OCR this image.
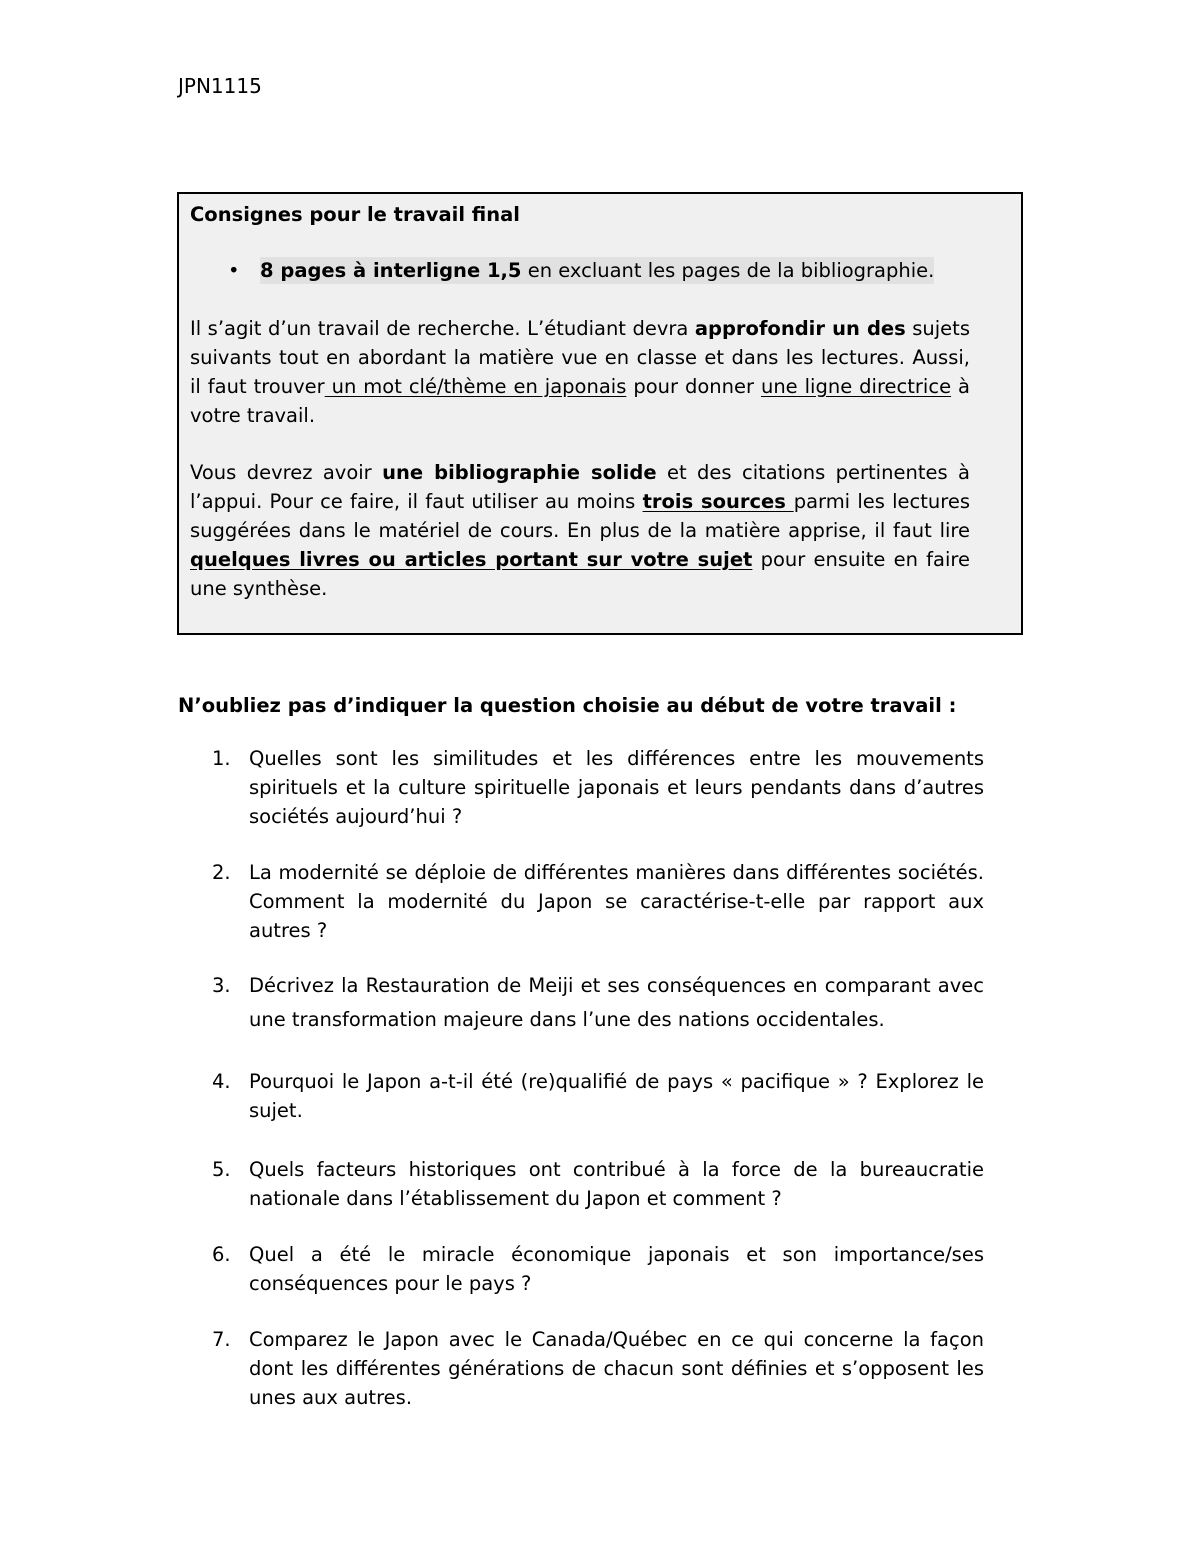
JPN1115

Consignes pour le travail final

• 8 pages à interligne 1,5 en excluant les pages de la bibliographie.

Il s’agit d’un travail de recherche. L’étudiant devra approfondir un des sujets suivants tout en abordant la matière vue en classe et dans les lectures. Aussi, il faut trouver un mot clé/thème en japonais pour donner une ligne directrice à votre travail.

Vous devrez avoir une bibliographie solide et des citations pertinentes à l’appui. Pour ce faire, il faut utiliser au moins trois sources parmi les lectures suggérées dans le matériel de cours. En plus de la matière apprise, il faut lire quelques livres ou articles portant sur votre sujet pour ensuite en faire une synthèse.

N’oubliez pas d’indiquer la question choisie au début de votre travail :

1. Quelles sont les similitudes et les différences entre les mouvements spirituels et la culture spirituelle japonais et leurs pendants dans d’autres sociétés aujourd’hui ?
2. La modernité se déploie de différentes manières dans différentes sociétés. Comment la modernité du Japon se caractérise-t-elle par rapport aux autres ?
3. Décrivez la Restauration de Meiji et ses conséquences en comparant avec une transformation majeure dans l’une des nations occidentales.
4. Pourquoi le Japon a-t-il été (re)qualifié de pays « pacifique » ? Explorez le sujet.
5. Quels facteurs historiques ont contribué à la force de la bureaucratie nationale dans l’établissement du Japon et comment ?
6. Quel a été le miracle économique japonais et son importance/ses conséquences pour le pays ?
7. Comparez le Japon avec le Canada/Québec en ce qui concerne la façon dont les différentes générations de chacun sont définies et s’opposent les unes aux autres.
